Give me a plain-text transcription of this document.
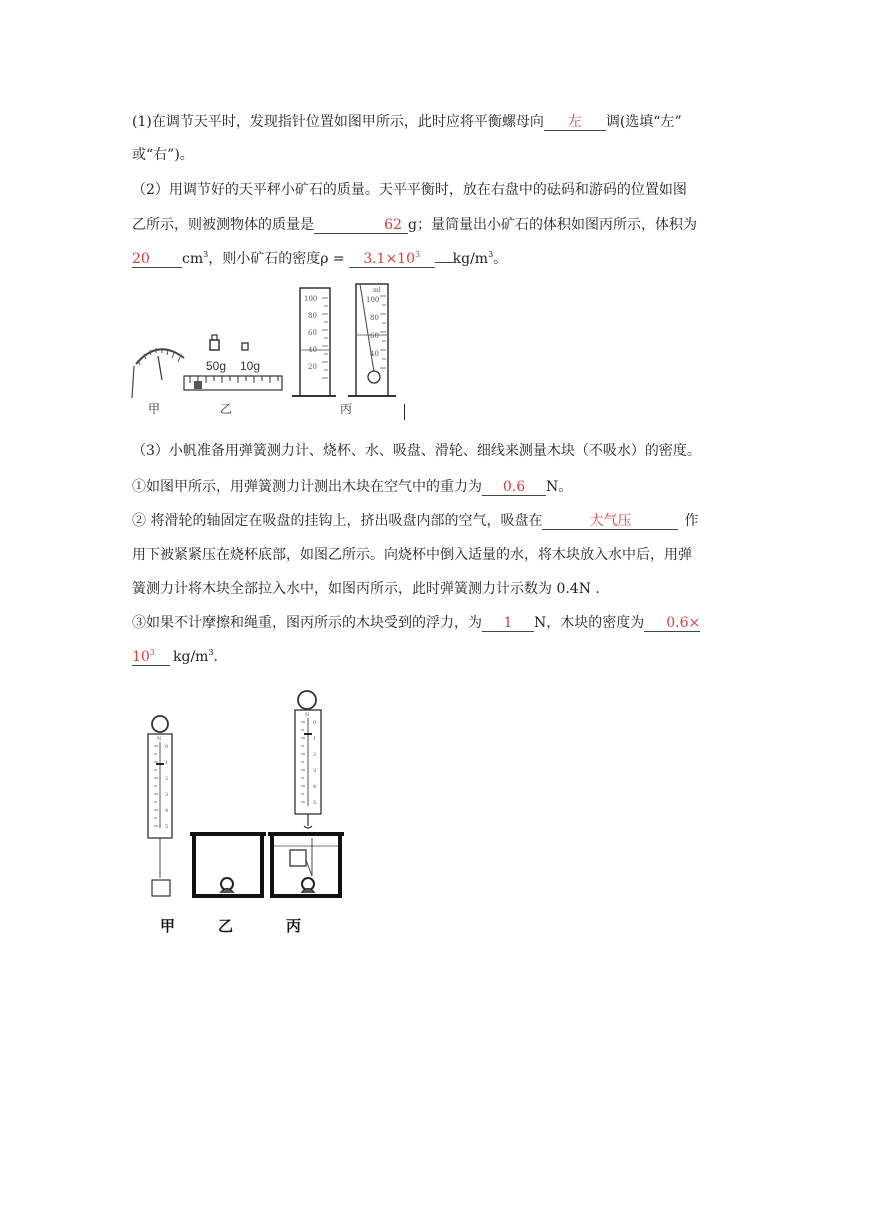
(1)在调节天平时，发现指针位置如图甲所示，此时应将平衡螺母向 左 调(选填“左”
或“右”)。
（2）用调节好的天平秤小矿石的质量。天平平衡时，放在右盘中的砝码和游码的位置如图
乙所示，则被测物体的质量是	62 g；量筒量出小矿石的体积如图丙所示，体积为
20 $cm^3$，则小矿石的密度$\rho = 3.1\times 10^3$ $kg/m^3$。
甲
50g 10g
乙
100
80
60
40
20
ml
100
80
60
40
丙
（3）小帆准备用弹簧测力计、烧杯、水、吸盘、滑轮、细线来测量木块（不吸水）的密度。
①如图甲所示，用弹簧测力计测出木块在空气中的重力为 0.6 N。
② 将滑轮的轴固定在吸盘的挂钩上，挤出吸盘内部的空气，吸盘在	大气压	作
用下被紧紧压在烧杯底部，如图乙所示。向烧杯中倒入适量的水，将木块放入水中后，用弹
簧测力计将木块全部拉入水中，如图丙所示，此时弹簧测力计示数为 0.4N .
③如果不计摩擦和绳重，图丙所示的木块受到的浮力，为 1 N，木块的密度为 0.6×
$10^3$ $kg/m^3$.
N
0
1
2
3
4
5
甲	乙
N
0
1
2
3
4
5
丙
